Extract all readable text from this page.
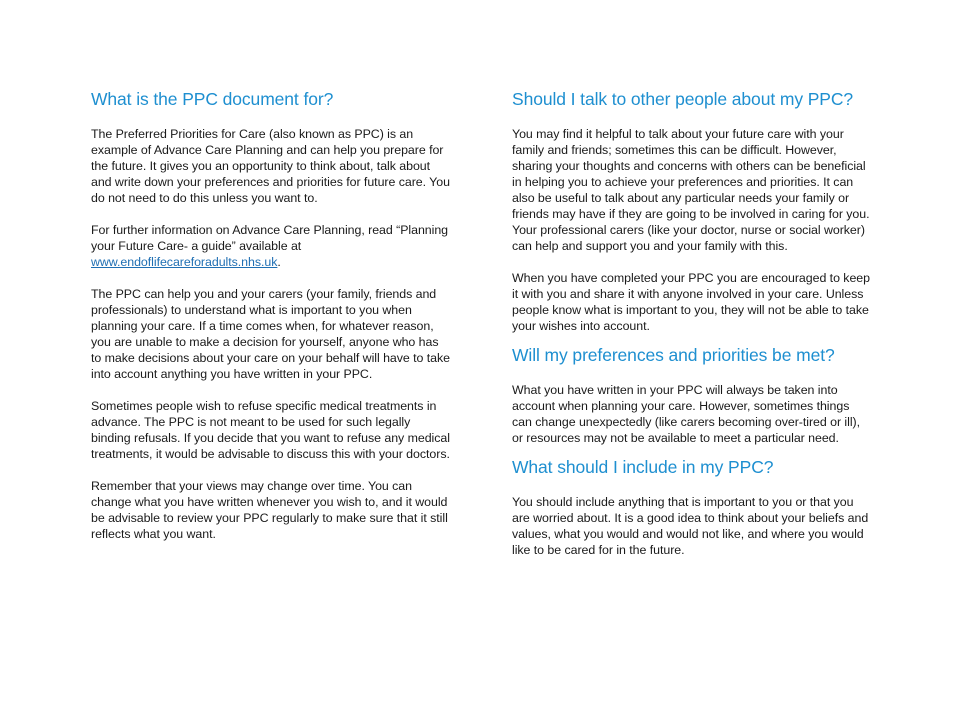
What is the PPC document for?

The Preferred Priorities for Care (also known as PPC) is an example of Advance Care Planning and can help you prepare for the future. It gives you an opportunity to think about, talk about and write down your preferences and priorities for future care. You do not need to do this unless you want to.

For further information on Advance Care Planning, read “Planning your Future Care- a guide” available at
www.endoflifecareforadults.nhs.uk.

The PPC can help you and your carers (your family, friends and professionals) to understand what is important to you when planning your care. If a time comes when, for whatever reason, you are unable to make a decision for yourself, anyone who has to make decisions about your care on your behalf will have to take into account anything you have written in your PPC.

Sometimes people wish to refuse specific medical treatments in advance. The PPC is not meant to be used for such legally binding refusals. If you decide that you want to refuse any medical treatments, it would be advisable to discuss this with your doctors.

Remember that your views may change over time. You can change what you have written whenever you wish to, and it would be advisable to review your PPC regularly to make sure that it still reflects what you want.

Should I talk to other people about my PPC?

You may find it helpful to talk about your future care with your family and friends; sometimes this can be difficult. However, sharing your thoughts and concerns with others can be beneficial in helping you to achieve your preferences and priorities. It can also be useful to talk about any particular needs your family or friends may have if they are going to be involved in caring for you. Your professional carers (like your doctor, nurse or social worker) can help and support you and your family with this.

When you have completed your PPC you are encouraged to keep it with you and share it with anyone involved in your care. Unless people know what is important to you, they will not be able to take your wishes into account.

Will my preferences and priorities be met?

What you have written in your PPC will always be taken into account when planning your care. However, sometimes things can change unexpectedly (like carers becoming over-tired or ill), or resources may not be available to meet a particular need.

What should I include in my PPC?

You should include anything that is important to you or that you are worried about. It is a good idea to think about your beliefs and values, what you would and would not like, and where you would like to be cared for in the future.
